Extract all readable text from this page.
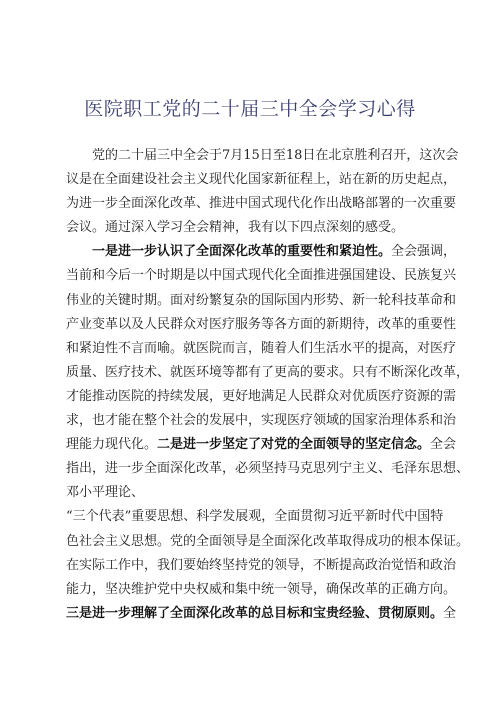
医院职工党的二十届三中全会学习心得
党的二十届三中全会于7月15日至18日在北京胜利召开，这次会
议是在全面建设社会主义现代化国家新征程上，站在新的历史起点，
为进一步全面深化改革、推进中国式现代化作出战略部署的一次重要
会议。通过深入学习全会精神，我有以下四点深刻的感受。
一是进一步认识了全面深化改革的重要性和紧迫性。全会强调，
当前和今后一个时期是以中国式现代化全面推进强国建设、民族复兴
伟业的关键时期。面对纷繁复杂的国际国内形势、新一轮科技革命和
产业变革以及人民群众对医疗服务等各方面的新期待，改革的重要性
和紧迫性不言而喻。就医院而言，随着人们生活水平的提高，对医疗
质量、医疗技术、就医环境等都有了更高的要求。只有不断深化改革，
才能推动医院的持续发展，更好地满足人民群众对优质医疗资源的需
求，也才能在整个社会的发展中，实现医疗领域的国家治理体系和治
理能力现代化。二是进一步坚定了对党的全面领导的坚定信念。全会
指出，进一步全面深化改革，必须坚持马克思列宁主义、毛泽东思想、
邓小平理论、
“三个代表”重要思想、科学发展观，全面贯彻习近平新时代中国特
色社会主义思想。党的全面领导是全面深化改革取得成功的根本保证。
在实际工作中，我们要始终坚持党的领导，不断提高政治觉悟和政治
能力，坚决维护党中央权威和集中统一领导，确保改革的正确方向。
三是进一步理解了全面深化改革的总目标和宝贵经验、贯彻原则。全
